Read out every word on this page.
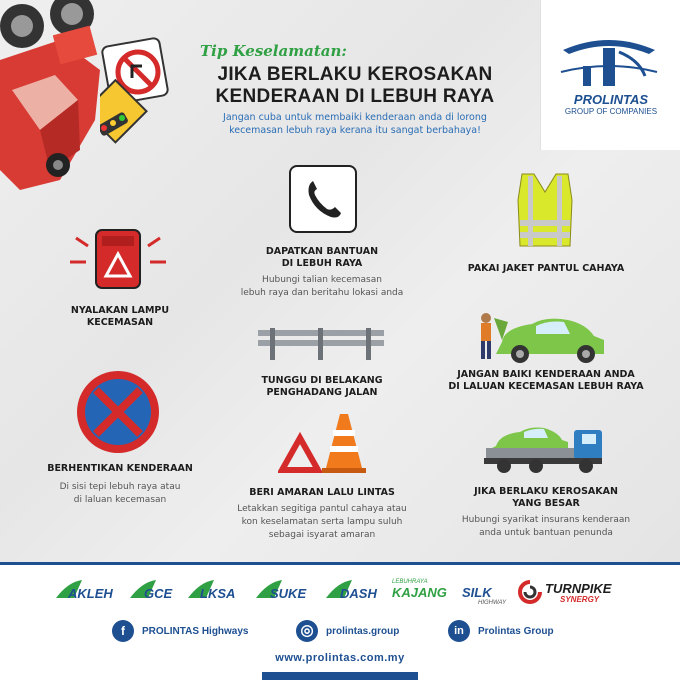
Tip Keselamatan:
JIKA BERLAKU KEROSAKAN
KENDERAAN DI LEBUH RAYA
Jangan cuba untuk membaiki kenderaan anda di lorong
kecemasan lebuh raya kerana itu sangat berbahaya!
PROLINTAS
GROUP OF COMPANIES
DAPATKAN BANTUAN
DI LEBUH RAYA
Hubungi talian kecemasan
lebuh raya dan beritahu lokasi anda
NYALAKAN LAMPU
KECEMASAN
PAKAI JAKET PANTUL CAHAYA
TUNGGU DI BELAKANG
PENGHADANG JALAN
JANGAN BAIKI KENDERAAN ANDA
DI LALUAN KECEMASAN LEBUH RAYA
BERHENTIKAN KENDERAAN
Di sisi tepi lebuh raya atau
di laluan kecemasan
BERI AMARAN LALU LINTAS
Letakkan segitiga pantul cahaya atau
kon keselamatan serta lampu suluh
sebagai isyarat amaran
JIKA BERLAKU KEROSAKAN
YANG BESAR
Hubungi syarikat insurans kenderaan
anda untuk bantuan penunda
AKLEH GCE LKSA	SUKE	DASH
LEBUHRAYA
KAJANG SILK
HIGHWAY
TURNPIKE
SYNERGY
f	PROLINTAS Highways	◎	prolintas.group	in	Prolintas Group
www.prolintas.com.my
